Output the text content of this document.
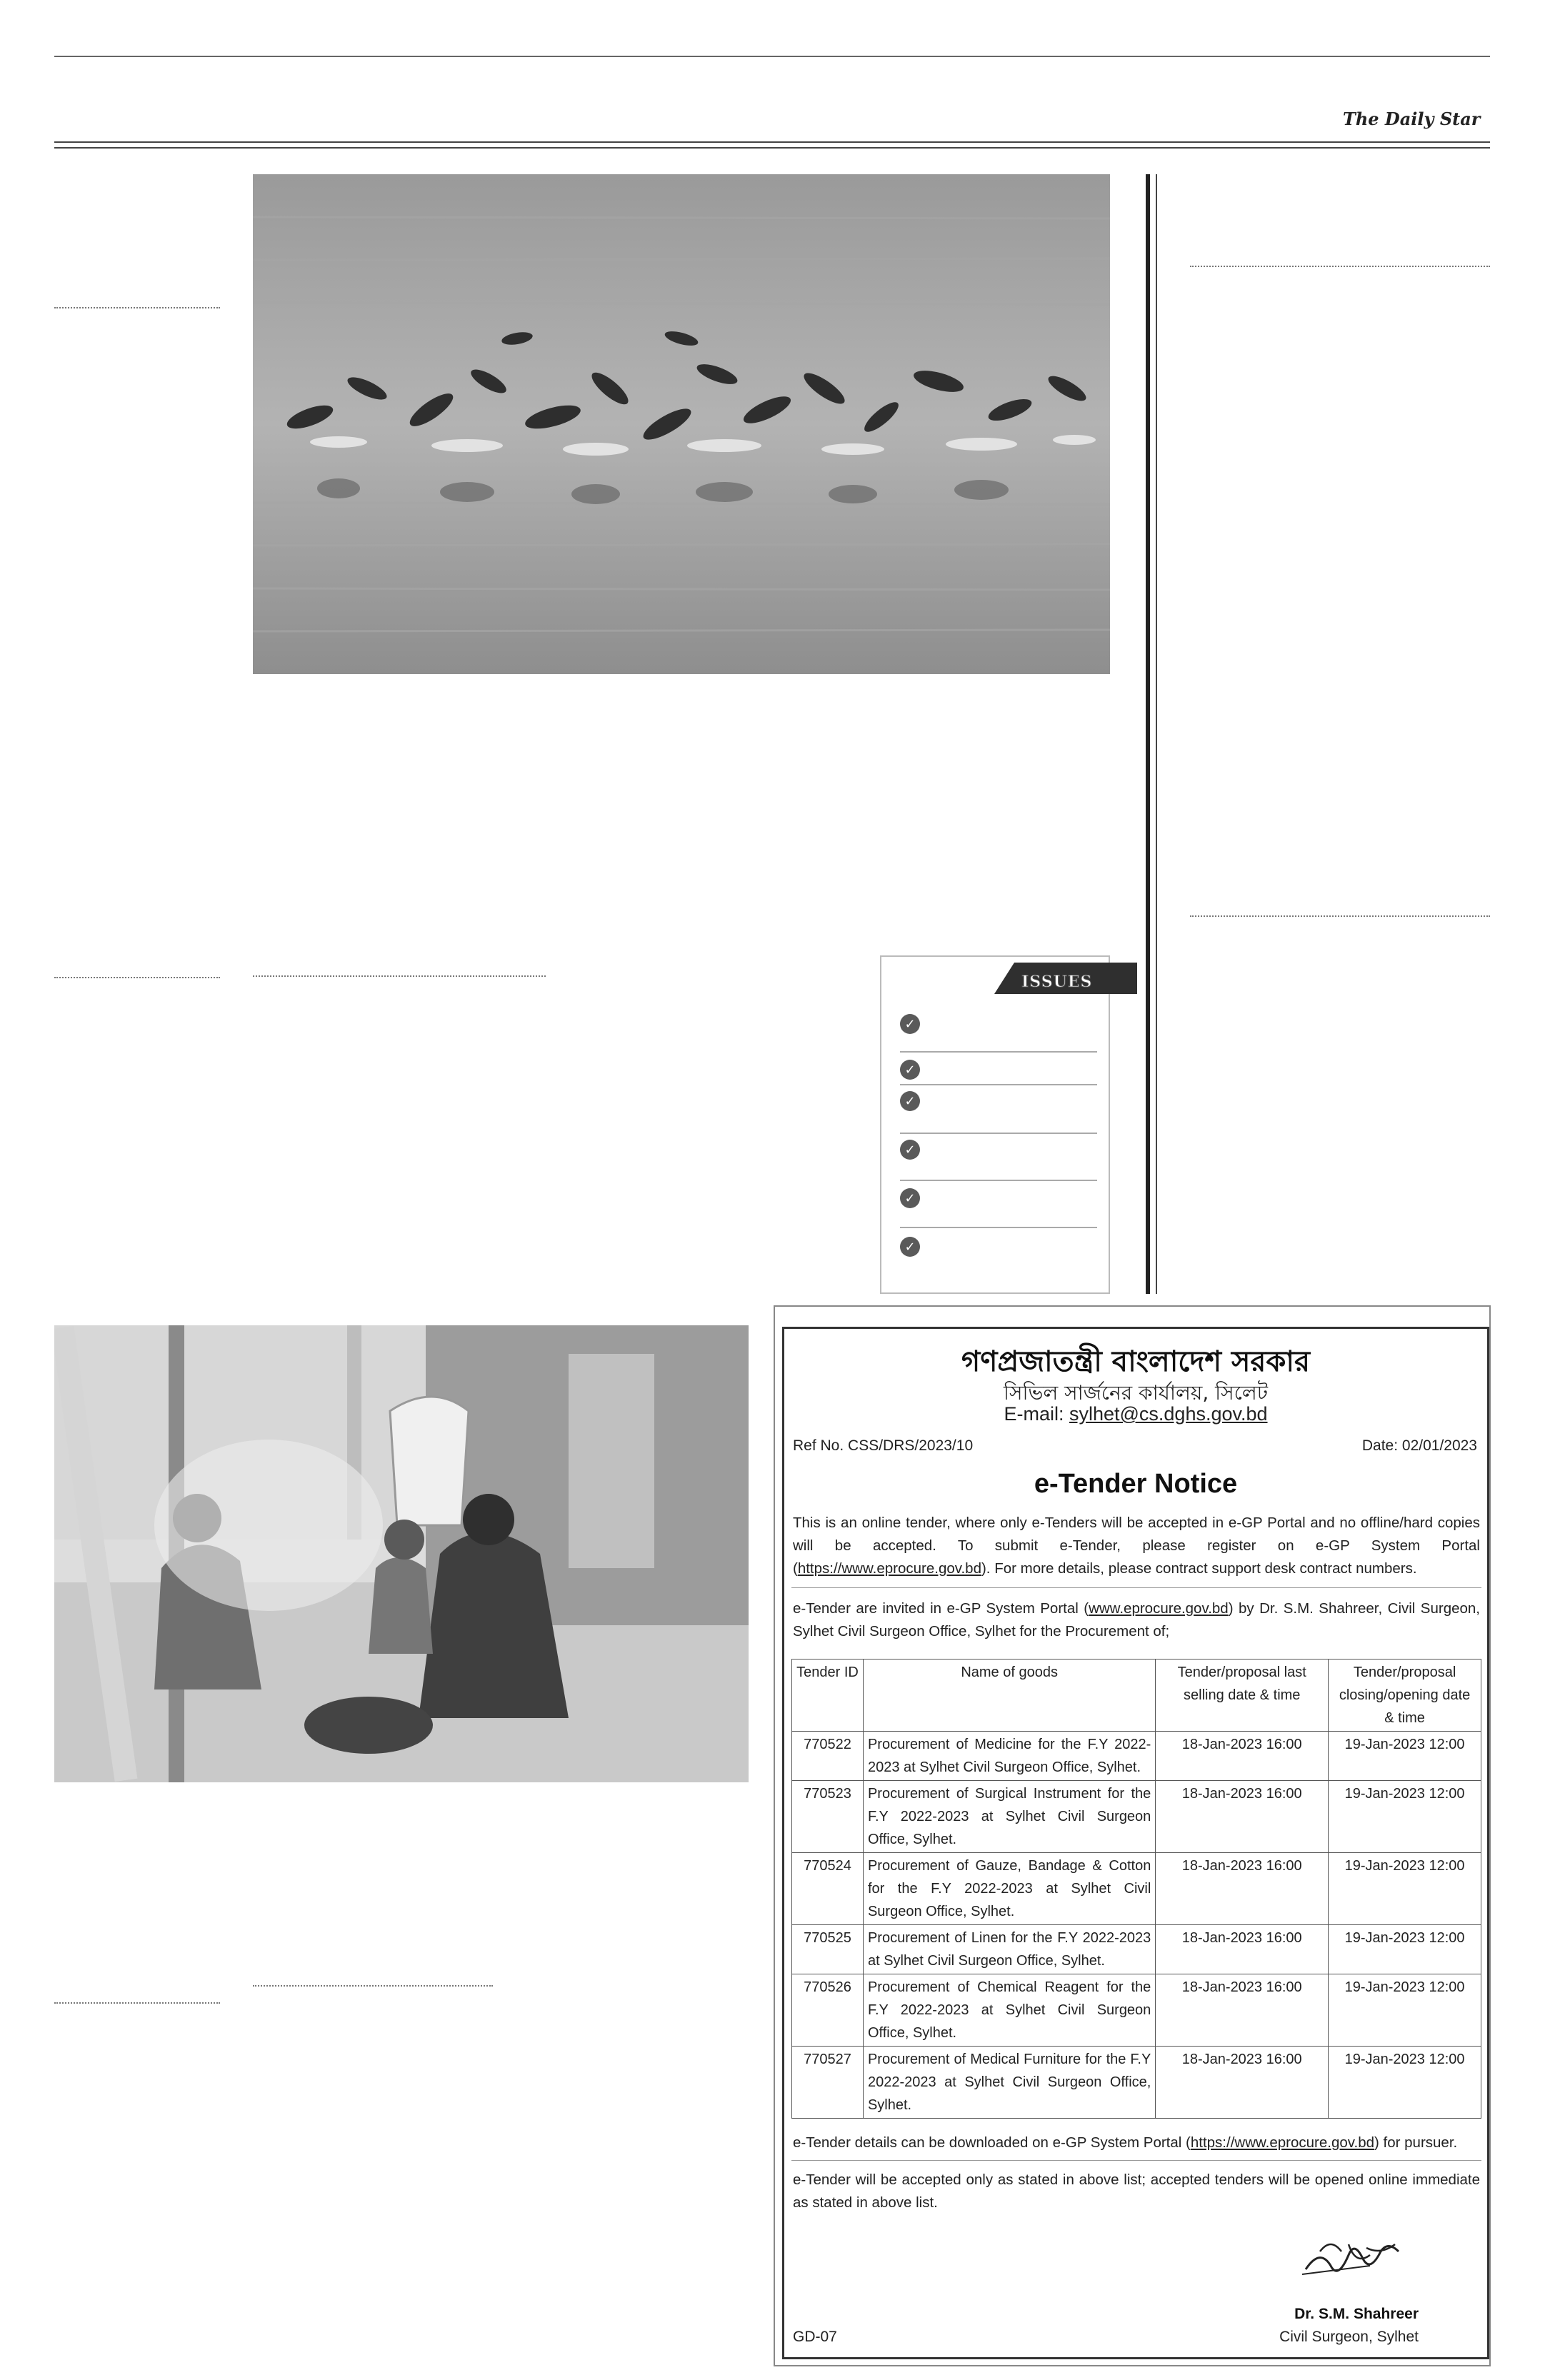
The Daily Star
ISSUES
✓
✓
✓
✓
✓
✓
গণপ্রজাতন্ত্রী বাংলাদেশ সরকার
সিভিল সার্জনের কার্যালয়, সিলেট
E-mail: sylhet@cs.dghs.gov.bd
Ref No. CSS/DRS/2023/10	Date: 02/01/2023
e-Tender Notice
This is an online tender, where only e-Tenders will be accepted in e-GP Portal and no offline/hard copies will be accepted. To submit e-Tender, please register on e-GP System Portal (https://www.eprocure.gov.bd). For more details, please contract support desk contract numbers.
e-Tender are invited in e-GP System Portal (www.eprocure.gov.bd) by Dr. S.M. Shahreer, Civil Surgeon, Sylhet Civil Surgeon Office, Sylhet for the Procurement of;
Tender ID	Name of goods	Tender/proposal last selling date & time	Tender/proposal closing/opening date & time
770522	Procurement of Medicine for the F.Y 2022-2023 at Sylhet Civil Surgeon Office, Sylhet.	18-Jan-2023 16:00	19-Jan-2023 12:00
770523	Procurement of Surgical Instrument for the F.Y 2022-2023 at Sylhet Civil Surgeon Office, Sylhet.	18-Jan-2023 16:00	19-Jan-2023 12:00
770524	Procurement of Gauze, Bandage & Cotton for the F.Y 2022-2023 at Sylhet Civil Surgeon Office, Sylhet.	18-Jan-2023 16:00	19-Jan-2023 12:00
770525	Procurement of Linen for the F.Y 2022-2023 at Sylhet Civil Surgeon Office, Sylhet.	18-Jan-2023 16:00	19-Jan-2023 12:00
770526	Procurement of Chemical Reagent for the F.Y 2022-2023 at Sylhet Civil Surgeon Office, Sylhet.	18-Jan-2023 16:00	19-Jan-2023 12:00
770527	Procurement of Medical Furniture for the F.Y 2022-2023 at Sylhet Civil Surgeon Office, Sylhet.	18-Jan-2023 16:00	19-Jan-2023 12:00
e-Tender details can be downloaded on e-GP System Portal (https://www.eprocure.gov.bd) for pursuer.
e-Tender will be accepted only as stated in above list; accepted tenders will be opened online immediate as stated in above list.
Dr. S.M. Shahreer
Civil Surgeon, Sylhet
GD-07
